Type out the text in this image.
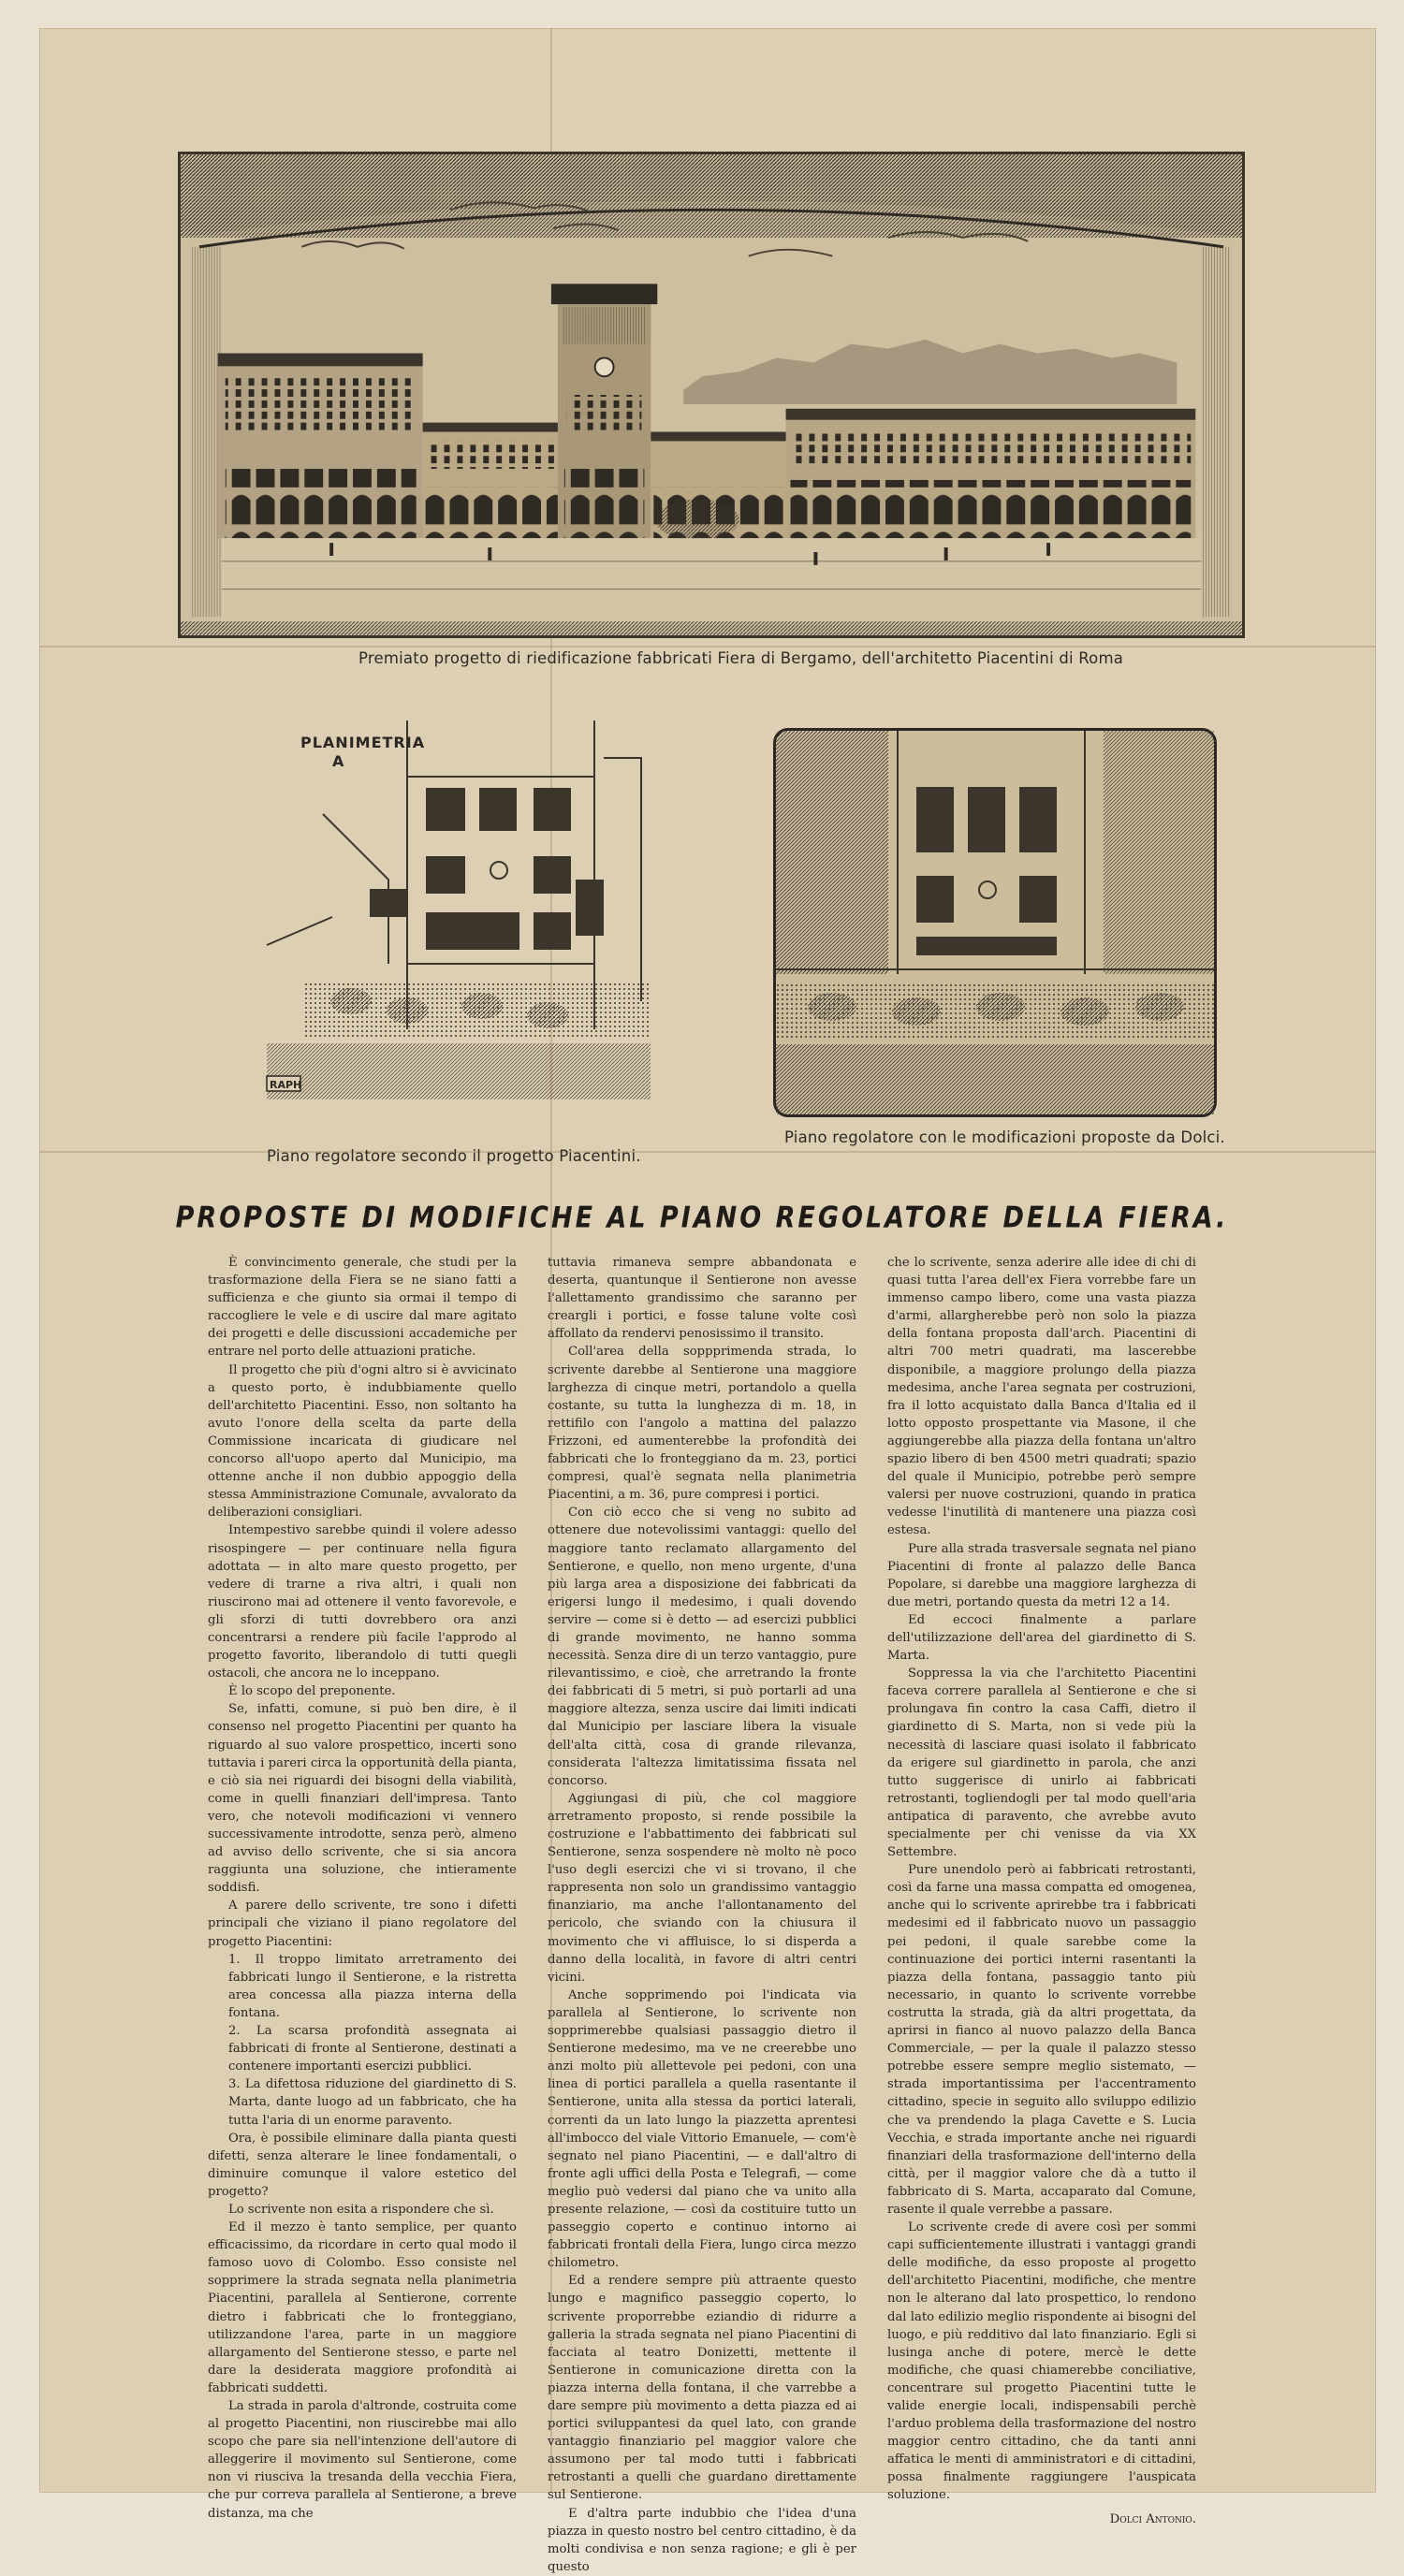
Premiato progetto di riedificazione fabbricati Fiera di Bergamo, dell'architetto Piacentini di Roma
RAPH
PLANIMETRIA
A
Piano regolatore secondo il progetto Piacentini.
Piano regolatore con le modificazioni proposte da Dolci.
PROPOSTE DI MODIFICHE AL PIANO REGOLATORE DELLA FIERA.

È convincimento generale, che studi per la trasformazione della Fiera se ne siano fatti a sufficienza e che giunto sia ormai il tempo di raccogliere le vele e di uscire dal mare agitato dei progetti e delle discussioni accademiche per entrare nel porto delle attuazioni pratiche.

Il progetto che più d'ogni altro si è avvicinato a questo porto, è indubbiamente quello dell'architetto Piacentini. Esso, non soltanto ha avuto l'onore della scelta da parte della Commissione incaricata di giudicare nel concorso all'uopo aperto dal Municipio, ma ottenne anche il non dubbio appoggio della stessa Amministrazione Comunale, avvalorato da deliberazioni consigliari.

Intempestivo sarebbe quindi il volere adesso risospingere — per continuare nella figura adottata — in alto mare questo progetto, per vedere di trarne a riva altri, i quali non riuscirono mai ad ottenere il vento favorevole, e gli sforzi di tutti dovrebbero ora anzi concentrarsi a rendere più facile l'approdo al progetto favorito, liberandolo di tutti quegli ostacoli, che ancora ne lo inceppano.

È lo scopo del preponente.

Se, infatti, comune, si può ben dire, è il consenso nel progetto Piacentini per quanto ha riguardo al suo valore prospettico, incerti sono tuttavia i pareri circa la opportunità della pianta, e ciò sia nei riguardi dei bisogni della viabilità, come in quelli finanziari dell'impresa. Tanto vero, che notevoli modificazioni vi vennero successivamente introdotte, senza però, almeno ad avviso dello scrivente, che si sia ancora raggiunta una soluzione, che intieramente soddisfi.

A parere dello scrivente, tre sono i difetti principali che viziano il piano regolatore del progetto Piacentini:

1. Il troppo limitato arretramento dei fabbricati lungo il Sentierone, e la ristretta area concessa alla piazza interna della fontana.

2. La scarsa profondità assegnata ai fabbricati di fronte al Sentierone, destinati a contenere importanti esercizi pubblici.

3. La difettosa riduzione del giardinetto di S. Marta, dante luogo ad un fabbricato, che ha tutta l'aria di un enorme paravento.

Ora, è possibile eliminare dalla pianta questi difetti, senza alterare le linee fondamentali, o diminuire comunque il valore estetico del progetto?

Lo scrivente non esita a rispondere che sì.

Ed il mezzo è tanto semplice, per quanto efficacissimo, da ricordare in certo qual modo il famoso uovo di Colombo. Esso consiste nel sopprimere la strada segnata nella planimetria Piacentini, parallela al Sentierone, corrente dietro i fabbricati che lo fronteggiano, utilizzandone l'area, parte in un maggiore allargamento del Sentierone stesso, e parte nel dare la desiderata maggiore profondità ai fabbricati suddetti.

La strada in parola d'altronde, costruita come al progetto Piacentini, non riuscirebbe mai allo scopo che pare sia nell'intenzione dell'autore di alleggerire il movimento sul Sentierone, come non vi riusciva la tresanda della vecchia Fiera, che pur correva parallela al Sentierone, a breve distanza, ma che

tuttavia rimaneva sempre abbandonata e deserta, quantunque il Sentierone non avesse l'allettamento grandissimo che saranno per creargli i portici, e fosse talune volte così affollato da rendervi penosissimo il transito.

Coll'area della soppprimenda strada, lo scrivente darebbe al Sentierone una maggiore larghezza di cinque metri, portandolo a quella costante, su tutta la lunghezza di m. 18, in rettifilo con l'angolo a mattina del palazzo Frizzoni, ed aumenterebbe la profondità dei fabbricati che lo fronteggiano da m. 23, portici compresi, qual'è segnata nella planimetria Piacentini, a m. 36, pure compresi i portici.

Con ciò ecco che si veng no subito ad ottenere due notevolissimi vantaggi: quello del maggiore tanto reclamato allargamento del Sentierone, e quello, non meno urgente, d'una più larga area a disposizione dei fabbricati da erigersi lungo il medesimo, i quali dovendo servire — come si è detto — ad esercizi pubblici di grande movimento, ne hanno somma necessità. Senza dire di un terzo vantaggio, pure rilevantissimo, e cioè, che arretrando la fronte dei fabbricati di 5 metri, si può portarli ad una maggiore altezza, senza uscire dai limiti indicati dal Municipio per lasciare libera la visuale dell'alta città, cosa di grande rilevanza, considerata l'altezza limitatissima fissata nel concorso.

Aggiungasi di più, che col maggiore arretramento proposto, si rende possibile la costruzione e l'abbattimento dei fabbricati sul Sentierone, senza sospendere nè molto nè poco l'uso degli esercizi che vi si trovano, il che rappresenta non solo un grandissimo vantaggio finanziario, ma anche l'allontanamento del pericolo, che sviando con la chiusura il movimento che vi affluisce, lo si disperda a danno della località, in favore di altri centri vicini.

Anche sopprimendo poi l'indicata via parallela al Sentierone, lo scrivente non sopprimerebbe qualsiasi passaggio dietro il Sentierone medesimo, ma ve ne creerebbe uno anzi molto più allettevole pei pedoni, con una linea di portici parallela a quella rasentante il Sentierone, unita alla stessa da portici laterali, correnti da un lato lungo la piazzetta aprentesi all'imbocco del viale Vittorio Emanuele, — com'è segnato nel piano Piacentini, — e dall'altro di fronte agli uffici della Posta e Telegrafi, — come meglio può vedersi dal piano che va unito alla presente relazione, — così da costituire tutto un passeggio coperto e continuo intorno ai fabbricati frontali della Fiera, lungo circa mezzo chilometro.

Ed a rendere sempre più attraente questo lungo e magnifico passeggio coperto, lo scrivente proporrebbe eziandio di ridurre a galleria la strada segnata nel piano Piacentini di facciata al teatro Donizetti, mettente il Sentierone in comunicazione diretta con la piazza interna della fontana, il che varrebbe a dare sempre più movimento a detta piazza ed ai portici sviluppantesi da quel lato, con grande vantaggio finanziario pel maggior valore che assumono per tal modo tutti i fabbricati retrostanti a quelli che guardano direttamente sul Sentierone.

E d'altra parte indubbio che l'idea d'una piazza in questo nostro bel centro cittadino, è da molti condivisa e non senza ragione; e gli è per questo

che lo scrivente, senza aderire alle idee di chi di quasi tutta l'area dell'ex Fiera vorrebbe fare un immenso campo libero, come una vasta piazza d'armi, allargherebbe però non solo la piazza della fontana proposta dall'arch. Piacentini di altri 700 metri quadrati, ma lascerebbe disponibile, a maggiore prolungo della piazza medesima, anche l'area segnata per costruzioni, fra il lotto acquistato dalla Banca d'Italia ed il lotto opposto prospettante via Masone, il che aggiungerebbe alla piazza della fontana un'altro spazio libero di ben 4500 metri quadrati; spazio del quale il Municipio, potrebbe però sempre valersi per nuove costruzioni, quando in pratica vedesse l'inutilità di mantenere una piazza così estesa.

Pure alla strada trasversale segnata nel piano Piacentini di fronte al palazzo delle Banca Popolare, si darebbe una maggiore larghezza di due metri, portando questa da metri 12 a 14.

Ed eccoci finalmente a parlare dell'utilizzazione dell'area del giardinetto di S. Marta.

Soppressa la via che l'architetto Piacentini faceva correre parallela al Sentierone e che si prolungava fin contro la casa Caffi, dietro il giardinetto di S. Marta, non si vede più la necessità di lasciare quasi isolato il fabbricato da erigere sul giardinetto in parola, che anzi tutto suggerisce di unirlo ai fabbricati retrostanti, togliendogli per tal modo quell'aria antipatica di paravento, che avrebbe avuto specialmente per chi venisse da via XX Settembre.

Pure unendolo però ai fabbricati retrostanti, così da farne una massa compatta ed omogenea, anche qui lo scrivente aprirebbe tra i fabbricati medesimi ed il fabbricato nuovo un passaggio pei pedoni, il quale sarebbe come la continuazione dei portici interni rasentanti la piazza della fontana, passaggio tanto più necessario, in quanto lo scrivente vorrebbe costrutta la strada, già da altri progettata, da aprirsi in fianco al nuovo palazzo della Banca Commerciale, — per la quale il palazzo stesso potrebbe essere sempre meglio sistemato, — strada importantissima per l'accentramento cittadino, specie in seguito allo sviluppo edilizio che va prendendo la plaga Cavette e S. Lucia Vecchia, e strada importante anche nei riguardi finanziari della trasformazione dell'interno della città, per il maggior valore che dà a tutto il fabbricato di S. Marta, accaparato dal Comune, rasente il quale verrebbe a passare.

Lo scrivente crede di avere così per sommi capi sufficientemente illustrati i vantaggi grandi delle modifiche, da esso proposte al progetto dell'architetto Piacentini, modifiche, che mentre non le alterano dal lato prospettico, lo rendono dal lato edilizio meglio rispondente ai bisogni del luogo, e più redditivo dal lato finanziario. Egli si lusinga anche di potere, mercè le dette modifiche, che quasi chiamerebbe conciliative, concentrare sul progetto Piacentini tutte le valide energie locali, indispensabili perchè l'arduo problema della trasformazione del nostro maggior centro cittadino, che da tanti anni affatica le menti di amministratori e di cittadini, possa finalmente raggiungere l'auspicata soluzione.

Dolci Antonio.
